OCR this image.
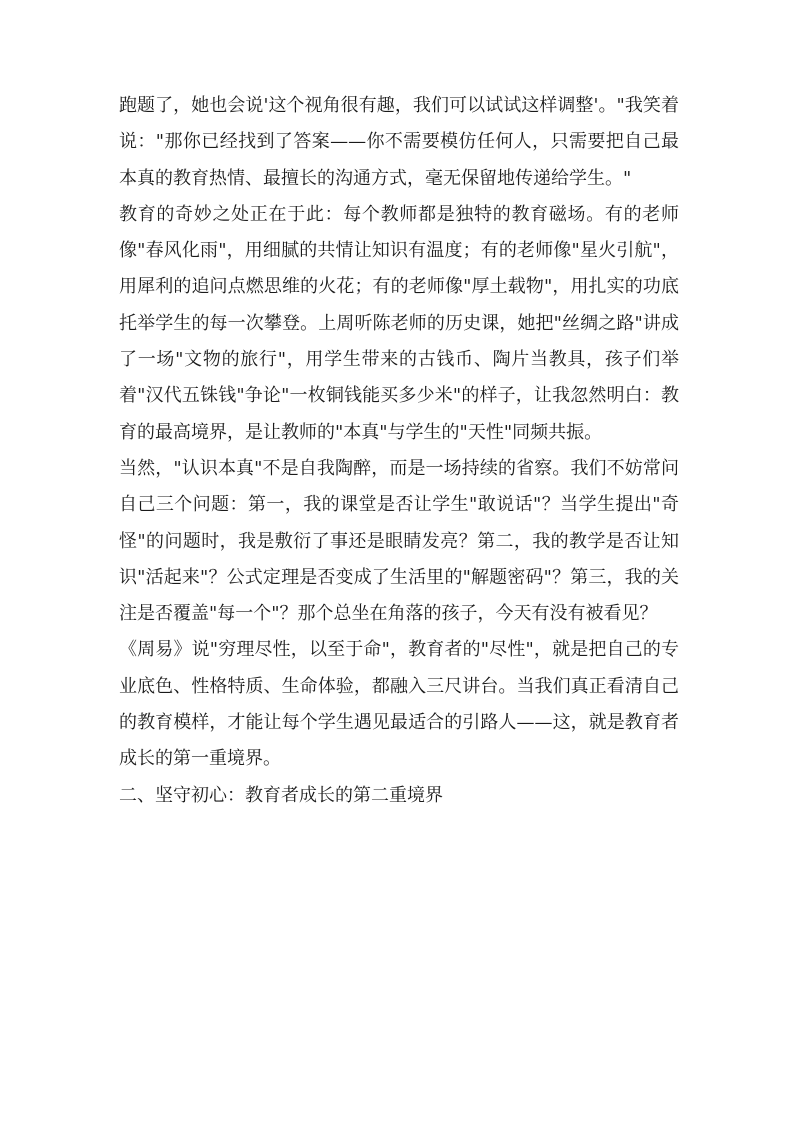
跑题了，她也会说'这个视角很有趣，我们可以试试这样调整'。"我笑着说："那你已经找到了答案——你不需要模仿任何人，只需要把自己最本真的教育热情、最擅长的沟通方式，毫无保留地传递给学生。"

教育的奇妙之处正在于此：每个教师都是独特的教育磁场。有的老师像"春风化雨"，用细腻的共情让知识有温度；有的老师像"星火引航"，用犀利的追问点燃思维的火花；有的老师像"厚土载物"，用扎实的功底托举学生的每一次攀登。上周听陈老师的历史课，她把"丝绸之路"讲成了一场"文物的旅行"，用学生带来的古钱币、陶片当教具，孩子们举着"汉代五铢钱"争论"一枚铜钱能买多少米"的样子，让我忽然明白：教育的最高境界，是让教师的"本真"与学生的"天性"同频共振。

当然，"认识本真"不是自我陶醉，而是一场持续的省察。我们不妨常问自己三个问题：第一，我的课堂是否让学生"敢说话"？当学生提出"奇怪"的问题时，我是敷衍了事还是眼睛发亮？第二，我的教学是否让知识"活起来"？公式定理是否变成了生活里的"解题密码"？第三，我的关注是否覆盖"每一个"？那个总坐在角落的孩子，今天有没有被看见？

《周易》说"穷理尽性，以至于命"，教育者的"尽性"，就是把自己的专业底色、性格特质、生命体验，都融入三尺讲台。当我们真正看清自己的教育模样，才能让每个学生遇见最适合的引路人——这，就是教育者成长的第一重境界。

二、坚守初心：教育者成长的第二重境界
